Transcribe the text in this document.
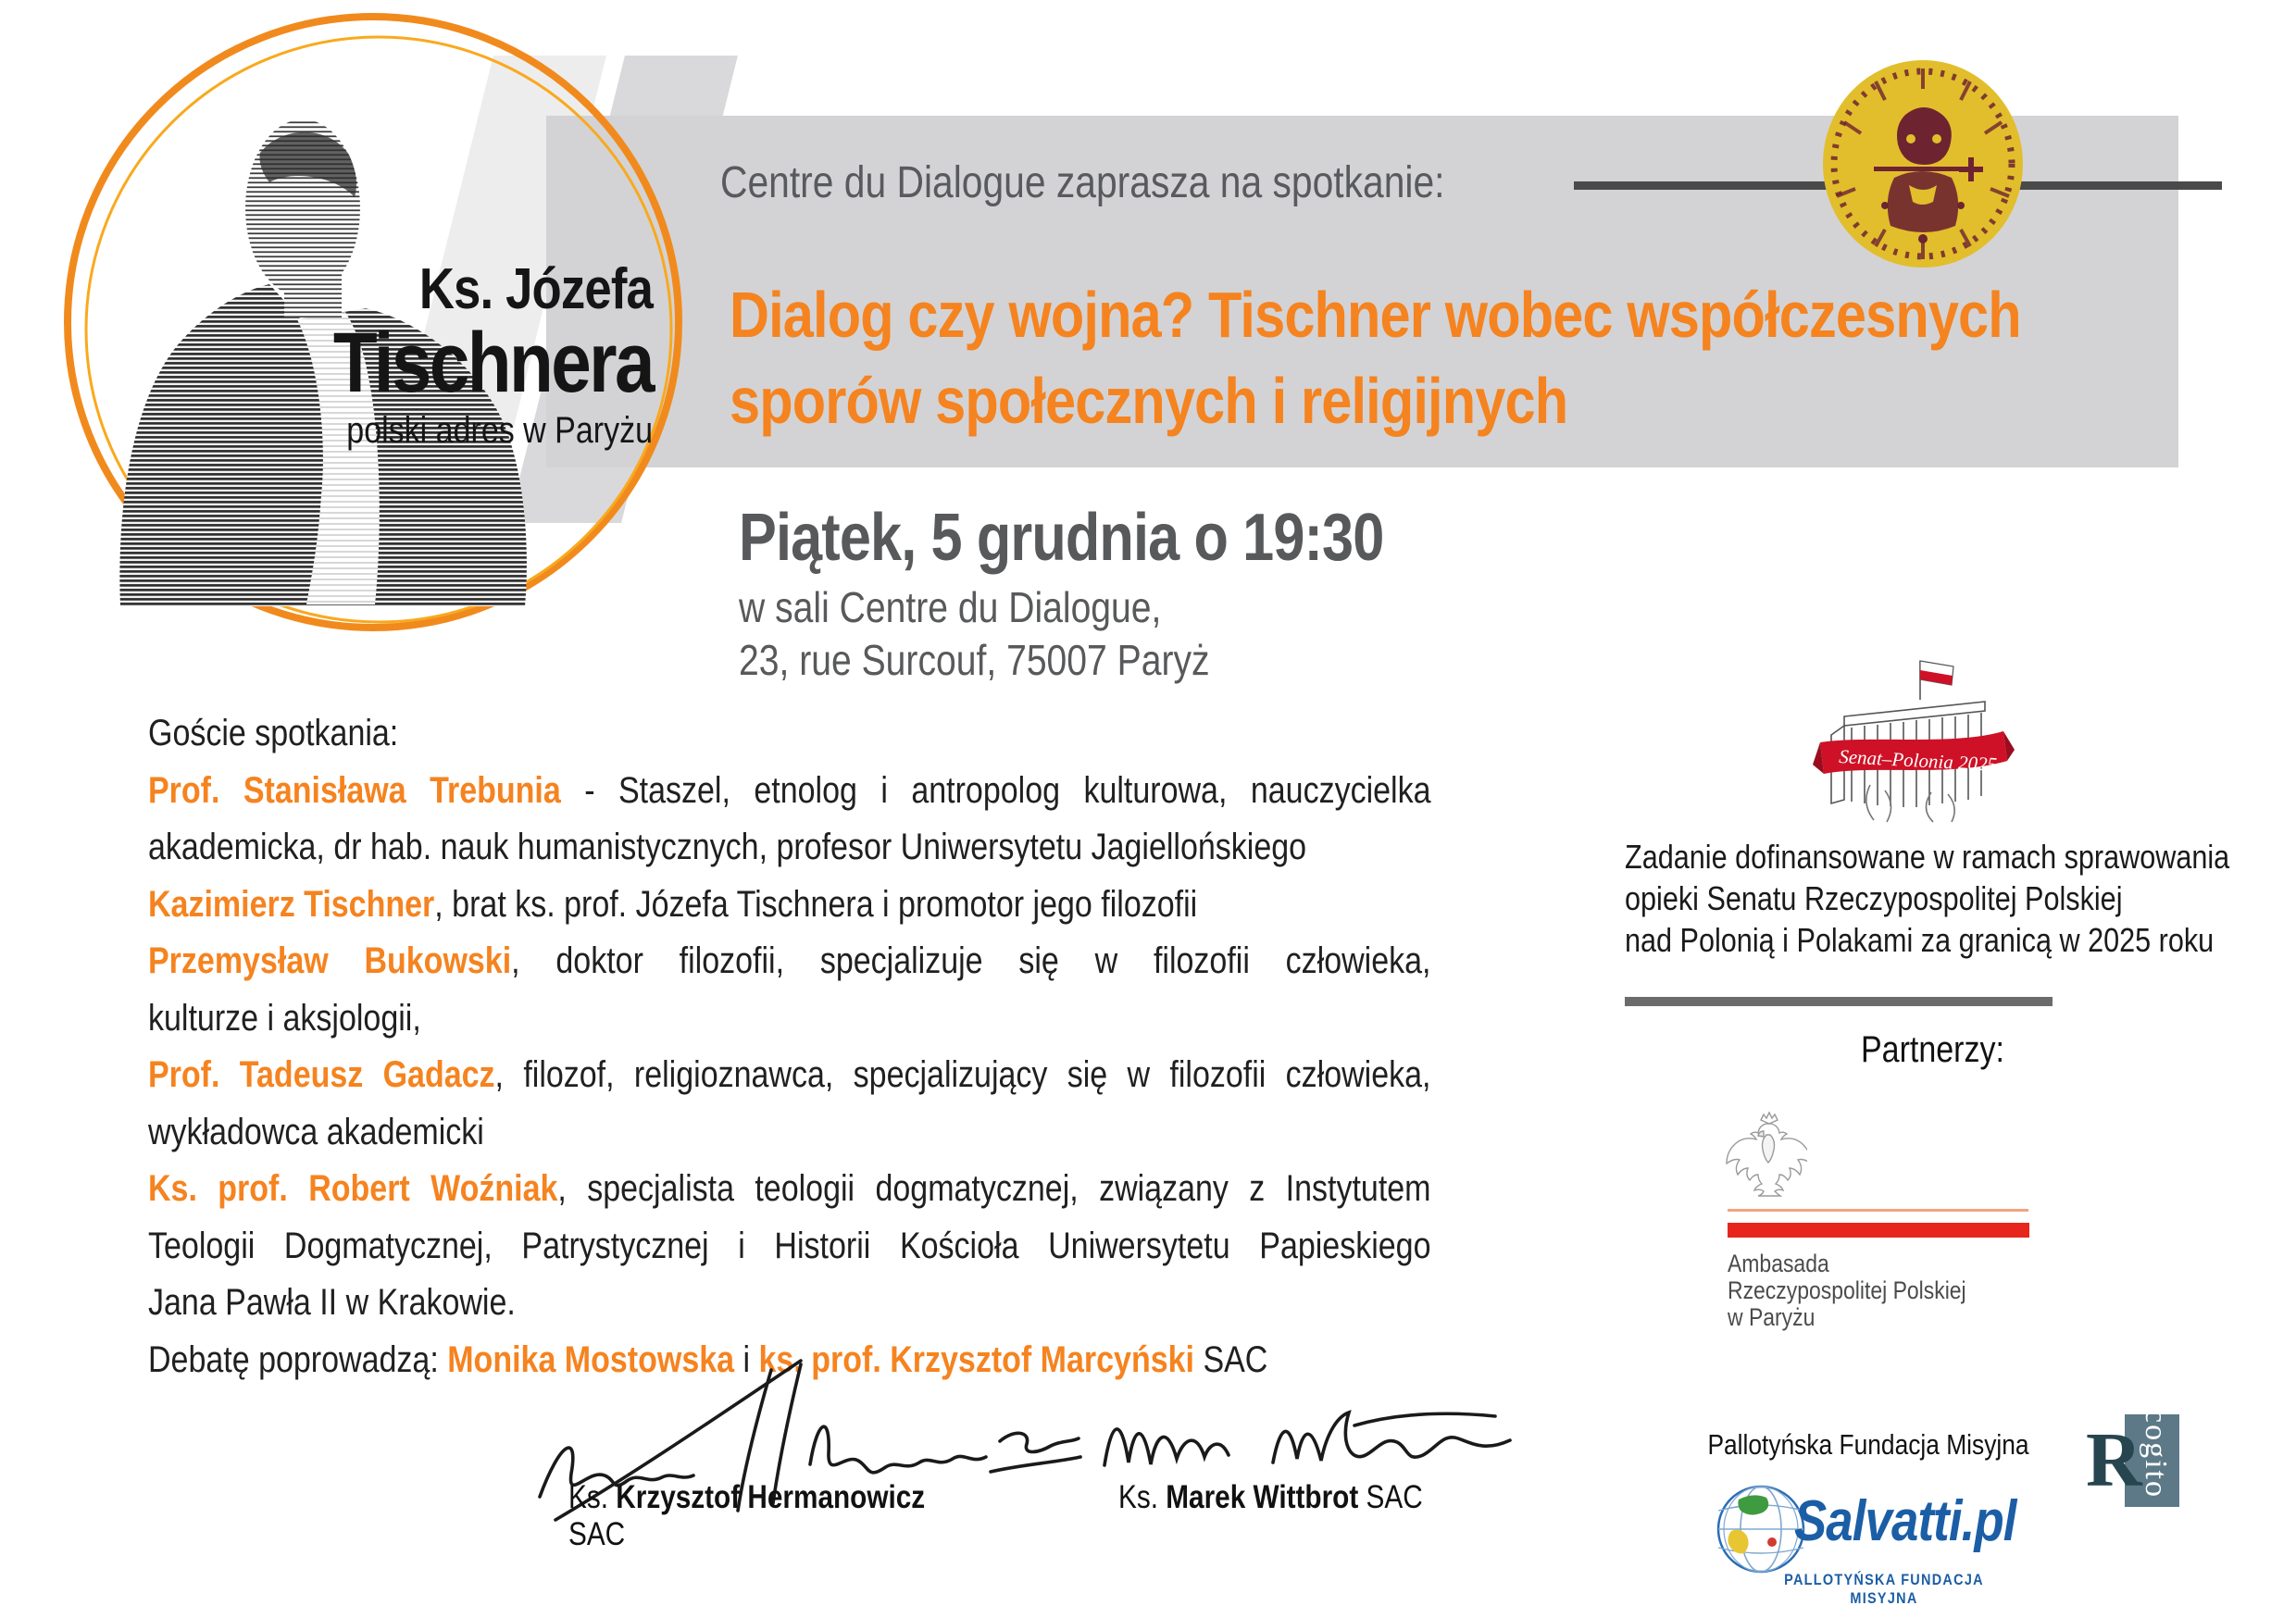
Ks. Józefa
Tischnera
polski adres w Paryżu
Centre du Dialogue zaprasza na spotkanie:
Dialog czy wojna? Tischner wobec współczesnych
sporów społecznych i religijnych
Piątek, 5 grudnia o 19:30
w sali Centre du Dialogue,
23, rue Surcouf, 75007 Paryż
Goście spotkania:
Prof. Stanisława Trebunia - Staszel, etnolog i antropolog kulturowa, nauczycielka
akademicka, dr hab. nauk humanistycznych, profesor Uniwersytetu Jagiellońskiego
Kazimierz Tischner, brat ks. prof. Józefa Tischnera i promotor jego filozofii
Przemysław Bukowski, doktor filozofii, specjalizuje się w filozofii człowieka,
kulturze i aksjologii,
Prof. Tadeusz Gadacz, filozof, religioznawca, specjalizujący się w filozofii człowieka,
wykładowca akademicki
Ks. prof. Robert Woźniak, specjalista teologii dogmatycznej, związany z Instytutem
Teologii Dogmatycznej, Patrystycznej i Historii Kościoła Uniwersytetu Papieskiego
Jana Pawła II w Krakowie.
Debatę poprowadzą: Monika Mostowska i ks. prof. Krzysztof Marcyński SAC
Senat–Polonia 2025
Zadanie dofinansowane w ramach sprawowania
opieki Senatu Rzeczypospolitej Polskiej
nad Polonią i Polakami za granicą w 2025 roku
Partnerzy:
Ambasada
Rzeczypospolitej Polskiej
w Paryżu
Pallotyńska Fundacja Misyjna
Salvatti.pl
PALLOTYŃSKA FUNDACJA MISYJNA
cogito
R
Ks. Krzysztof Hermanowicz SAC
Ks. Marek Wittbrot SAC
